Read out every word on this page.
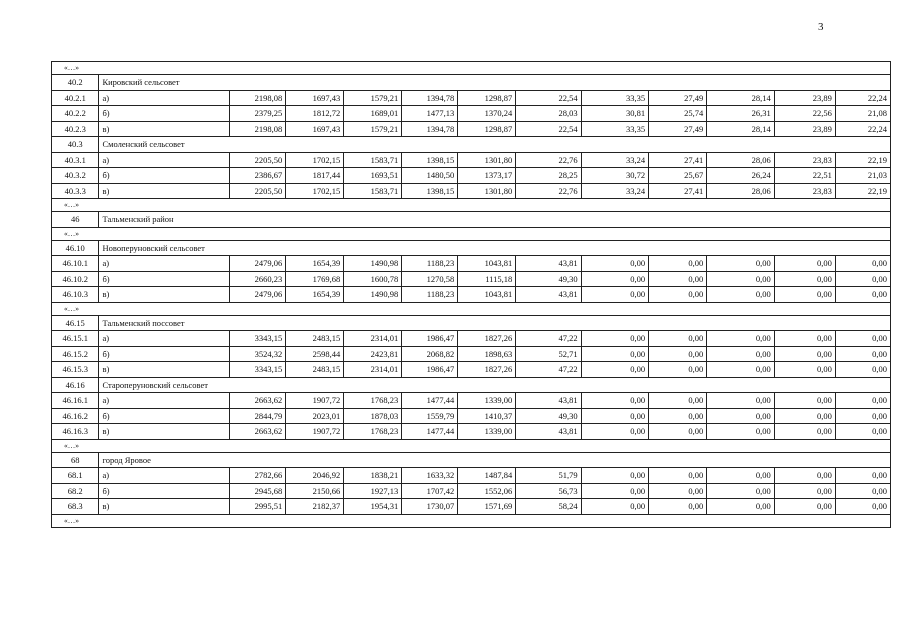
3
«…»												
40.2	Кировский сельсовет											
40.2.1	а)	2198,08	1697,43	1579,21	1394,78	1298,87	22,54	33,35	27,49	28,14	23,89	22,24
40.2.2	б)	2379,25	1812,72	1689,01	1477,13	1370,24	28,03	30,81	25,74	26,31	22,56	21,08
40.2.3	в)	2198,08	1697,43	1579,21	1394,78	1298,87	22,54	33,35	27,49	28,14	23,89	22,24
40.3	Смоленский сельсовет											
40.3.1	а)	2205,50	1702,15	1583,71	1398,15	1301,80	22,76	33,24	27,41	28,06	23,83	22,19
40.3.2	б)	2386,67	1817,44	1693,51	1480,50	1373,17	28,25	30,72	25,67	26,24	22,51	21,03
40.3.3	в)	2205,50	1702,15	1583,71	1398,15	1301,80	22,76	33,24	27,41	28,06	23,83	22,19
«…»												
46	Тальменский район											
«…»												
46.10	Новоперуновский сельсовет											
46.10.1	а)	2479,06	1654,39	1490,98	1188,23	1043,81	43,81	0,00	0,00	0,00	0,00	0,00
46.10.2	б)	2660,23	1769,68	1600,78	1270,58	1115,18	49,30	0,00	0,00	0,00	0,00	0,00
46.10.3	в)	2479,06	1654,39	1490,98	1188,23	1043,81	43,81	0,00	0,00	0,00	0,00	0,00
«…»												
46.15	Тальменский поссовет											
46.15.1	а)	3343,15	2483,15	2314,01	1986,47	1827,26	47,22	0,00	0,00	0,00	0,00	0,00
46.15.2	б)	3524,32	2598,44	2423,81	2068,82	1898,63	52,71	0,00	0,00	0,00	0,00	0,00
46.15.3	в)	3343,15	2483,15	2314,01	1986,47	1827,26	47,22	0,00	0,00	0,00	0,00	0,00
46.16	Староперуновский сельсовет											
46.16.1	а)	2663,62	1907,72	1768,23	1477,44	1339,00	43,81	0,00	0,00	0,00	0,00	0,00
46.16.2	б)	2844,79	2023,01	1878,03	1559,79	1410,37	49,30	0,00	0,00	0,00	0,00	0,00
46.16.3	в)	2663,62	1907,72	1768,23	1477,44	1339,00	43,81	0,00	0,00	0,00	0,00	0,00
«…»												
68	город Яровое											
68.1	а)	2782,66	2046,92	1838,21	1633,32	1487,84	51,79	0,00	0,00	0,00	0,00	0,00
68.2	б)	2945,68	2150,66	1927,13	1707,42	1552,06	56,73	0,00	0,00	0,00	0,00	0,00
68.3	в)	2995,51	2182,37	1954,31	1730,07	1571,69	58,24	0,00	0,00	0,00	0,00	0,00
«…»												
